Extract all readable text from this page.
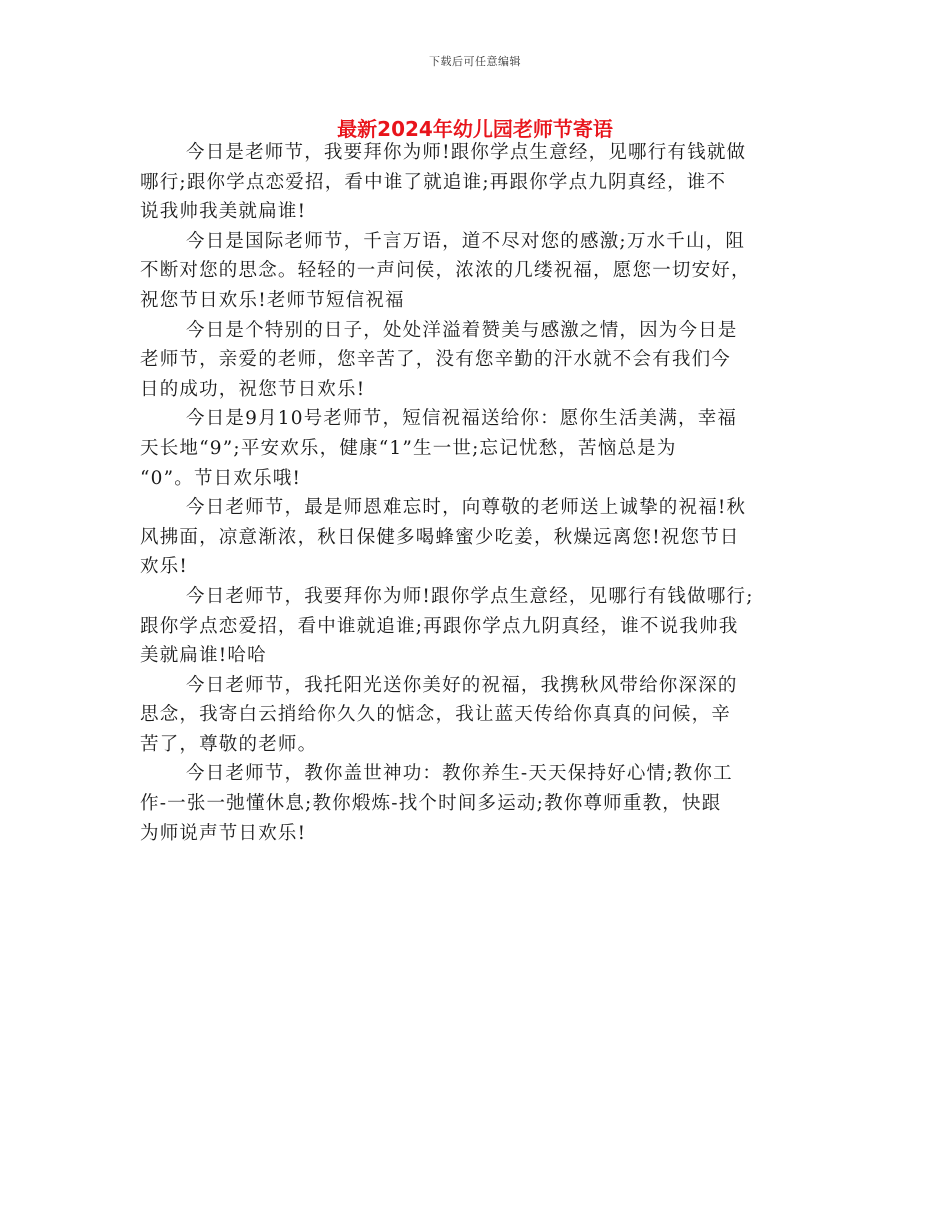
下载后可任意编辑
最新2024年幼儿园老师节寄语
今日是老师节，我要拜你为师!跟你学点生意经，见哪行有钱就做
哪行;跟你学点恋爱招，看中谁了就追谁;再跟你学点九阴真经，谁不
说我帅我美就扁谁!
今日是国际老师节，千言万语，道不尽对您的感激;万水千山，阻
不断对您的思念。轻轻的一声问侯，浓浓的几缕祝福，愿您一切安好，
祝您节日欢乐!老师节短信祝福
今日是个特别的日子，处处洋溢着赞美与感激之情，因为今日是
老师节，亲爱的老师，您辛苦了，没有您辛勤的汗水就不会有我们今
日的成功，祝您节日欢乐!
今日是9月10号老师节，短信祝福送给你：愿你生活美满，幸福
天长地“9”;平安欢乐，健康“1”生一世;忘记忧愁，苦恼总是为
“0”。节日欢乐哦!
今日老师节，最是师恩难忘时，向尊敬的老师送上诚挚的祝福!秋
风拂面，凉意渐浓，秋日保健多喝蜂蜜少吃姜，秋燥远离您!祝您节日
欢乐!
今日老师节，我要拜你为师!跟你学点生意经，见哪行有钱做哪行;
跟你学点恋爱招，看中谁就追谁;再跟你学点九阴真经，谁不说我帅我
美就扁谁!哈哈
今日老师节，我托阳光送你美好的祝福，我携秋风带给你深深的
思念，我寄白云捎给你久久的惦念，我让蓝天传给你真真的问候，辛
苦了，尊敬的老师。
今日老师节，教你盖世神功：教你养生-天天保持好心情;教你工
作-一张一弛懂休息;教你煅炼-找个时间多运动;教你尊师重教，快跟
为师说声节日欢乐!
